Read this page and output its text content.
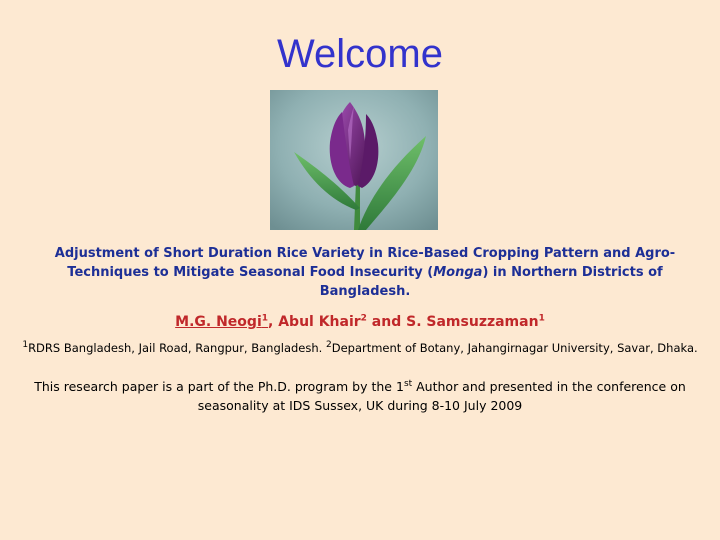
Welcome
Adjustment of Short Duration Rice Variety in Rice-Based Cropping Pattern and Agro-Techniques to Mitigate Seasonal Food Insecurity (Monga) in Northern Districts of Bangladesh.
M.G. Neogi$^1$, Abul Khair$^2$ and S. Samsuzzaman$^1$
$^1$RDRS Bangladesh, Jail Road, Rangpur, Bangladesh. $^2$Department of Botany, Jahangirnagar University, Savar, Dhaka.
This research paper is a part of the Ph.D. program by the 1st Author and presented in the conference on seasonality at IDS Sussex, UK during 8-10 July 2009
